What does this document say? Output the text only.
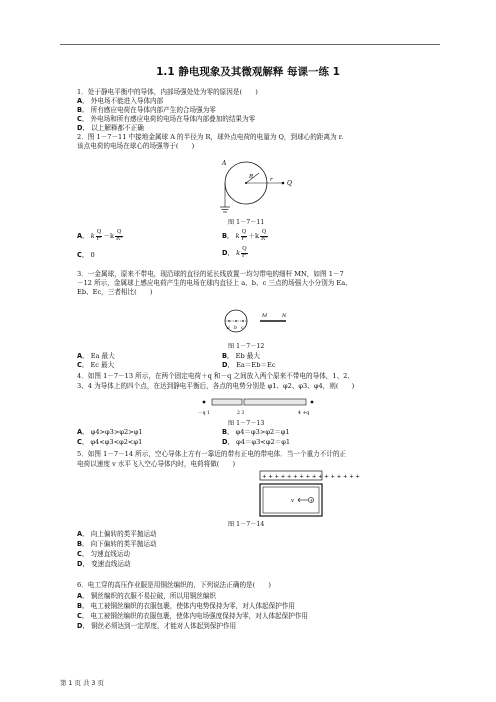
1.1 静电现象及其微观解释 每课一练 1
1．处于静电平衡中的导体，内部场强处处为零的原因是(　　)
A． 外电场不能进入导体内部
B． 所有感应电荷在导体内部产生的合场强为零
C． 外电场和所有感应电荷的电场在导体内部叠加的结果为零
D． 以上解释都不正确
2．图 1－7－11 中接地金属球 A 的半径为 R，球外点电荷的电量为 Q，到球心的距离为 r.
该点电荷的电场在球心的场强等于(　　)
A
R	r Q
图 1－7－11
A． k $\frac{Q}{\text{r²}} -k \frac{Q}{\text{R²}}$	B． k $\frac{Q}{\text{r²}} +k \frac{Q}{\text{R²}}$
C． 0	D． k $\frac{Q}{\text{r²}}$
3．一金属球，原来不带电，现沿球的直径的延长线放置一均匀带电的细杆 MN，如图 1－7
－12 所示，金属球上感应电荷产生的电场在球内直径上 a、b、c 三点的场强大小分别为 Ea、
Eb、Ec，三者相比(　　)
a b c
M	N
图 1－7－12
A． Ea 最大	B． Eb 最大
C． Ec 最大	D． Ea＝Eb＝Ec
4．如图 1－7－13 所示，在两个固定电荷＋q 和－q 之间放入两个原来不带电的导体，1、2、
3、4 为导体上的四个点，在达到静电平衡后，各点的电势分别是 φ1、φ2、φ3、φ4，则(　　)
－q 1	2 3	4 +q
图 1－7－13
A． φ4>φ3>φ2>φ1	B． φ4＝φ3>φ2＝φ1
C． φ4<φ3<φ2<φ1	D． φ4＝φ3<φ2＝φ1
5．如图 1－7－14 所示，空心导体上方有一靠近的带有正电的带电体．当一个重力不计的正
电荷以速度 v 水平飞入空心导体内时，电荷将做(　　)
+ + + + + + + + + + + + + + + +
+
v
图 1－7－14
A． 向上偏转的类平抛运动
B． 向下偏转的类平抛运动
C． 匀速直线运动
D． 变速直线运动
6．电工穿的高压作业服是用铜丝编织的，下列说法正确的是(　　)
A． 铜丝编织的衣服不易拉破，所以用铜丝编织
B． 电工被铜丝编织的衣服包裹，使体内电势保持为零，对人体起保护作用
C． 电工被铜丝编织的衣服包裹，使体内电场强度保持为零，对人体起保护作用
D． 铜丝必须达到一定厚度，才能对人体起到保护作用
第 1 页 共 3 页
